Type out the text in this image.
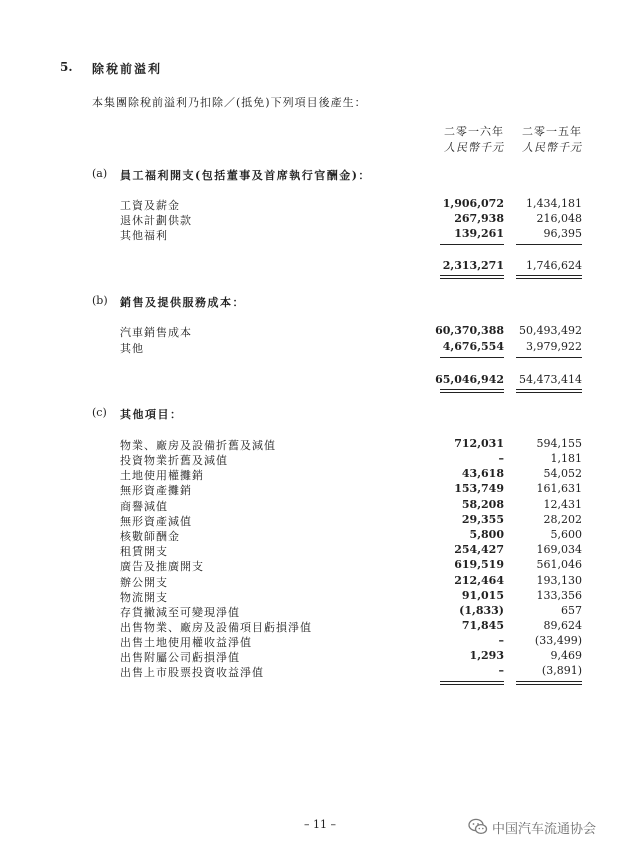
5. 除稅前溢利
本集團除稅前溢利乃扣除／(抵免)下列項目後產生：
二零一六年
人民幣千元
二零一五年
人民幣千元
(a) 員工福利開支(包括董事及首席執行官酬金)：
工資及薪金	1,906,072	1,434,181
退休計劃供款	267,938	216,048
其他福利	139,261	96,395
2,313,271	1,746,624
(b) 銷售及提供服務成本：
汽車銷售成本	60,370,388	50,493,492
其他	4,676,554	3,979,922
65,046,942	54,473,414
(c) 其他項目：
物業、廠房及設備折舊及減值	712,031	594,155
投資物業折舊及減值	–	1,181
土地使用權攤銷	43,618	54,052
無形資產攤銷	153,749	161,631
商譽減值	58,208	12,431
無形資產減值	29,355	28,202
核數師酬金	5,800	5,600
租賃開支	254,427	169,034
廣告及推廣開支	619,519	561,046
辦公開支	212,464	193,130
物流開支	91,015	133,356
存貨撇減至可變現淨值	(1,833)	657
出售物業、廠房及設備項目虧損淨值	71,845	89,624
出售土地使用權收益淨值	–	(33,499)
出售附屬公司虧損淨值	1,293	9,469
出售上市股票投資收益淨值	–	(3,891)
– 11 –	中国汽车流通协会
